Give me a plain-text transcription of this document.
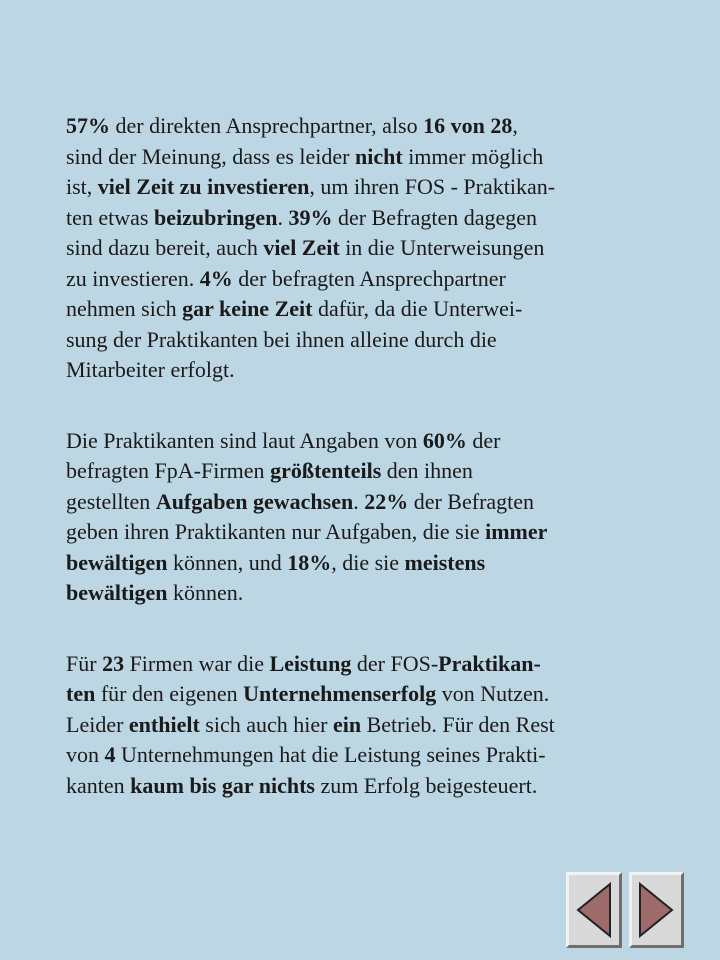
57% der direkten Ansprechpartner, also 16 von 28,
sind der Meinung, dass es leider nicht immer möglich
ist, viel Zeit zu investieren, um ihren FOS - Praktikan-
ten etwas beizubringen. 39% der Befragten dagegen
sind dazu bereit, auch viel Zeit in die Unterweisungen
zu investieren. 4% der befragten Ansprechpartner
nehmen sich gar keine Zeit dafür, da die Unterwei-
sung der Praktikanten bei ihnen alleine durch die
Mitarbeiter erfolgt.
Die Praktikanten sind laut Angaben von 60% der
befragten FpA-Firmen größtenteils den ihnen
gestellten Aufgaben gewachsen. 22% der Befragten
geben ihren Praktikanten nur Aufgaben, die sie immer
bewältigen können, und 18%, die sie meistens
bewältigen können.
Für 23 Firmen war die Leistung der FOS-Praktikan-
ten für den eigenen Unternehmenserfolg von Nutzen.
Leider enthielt sich auch hier ein Betrieb. Für den Rest
von 4 Unternehmungen hat die Leistung seines Prakti-
kanten kaum bis gar nichts zum Erfolg beigesteuert.
